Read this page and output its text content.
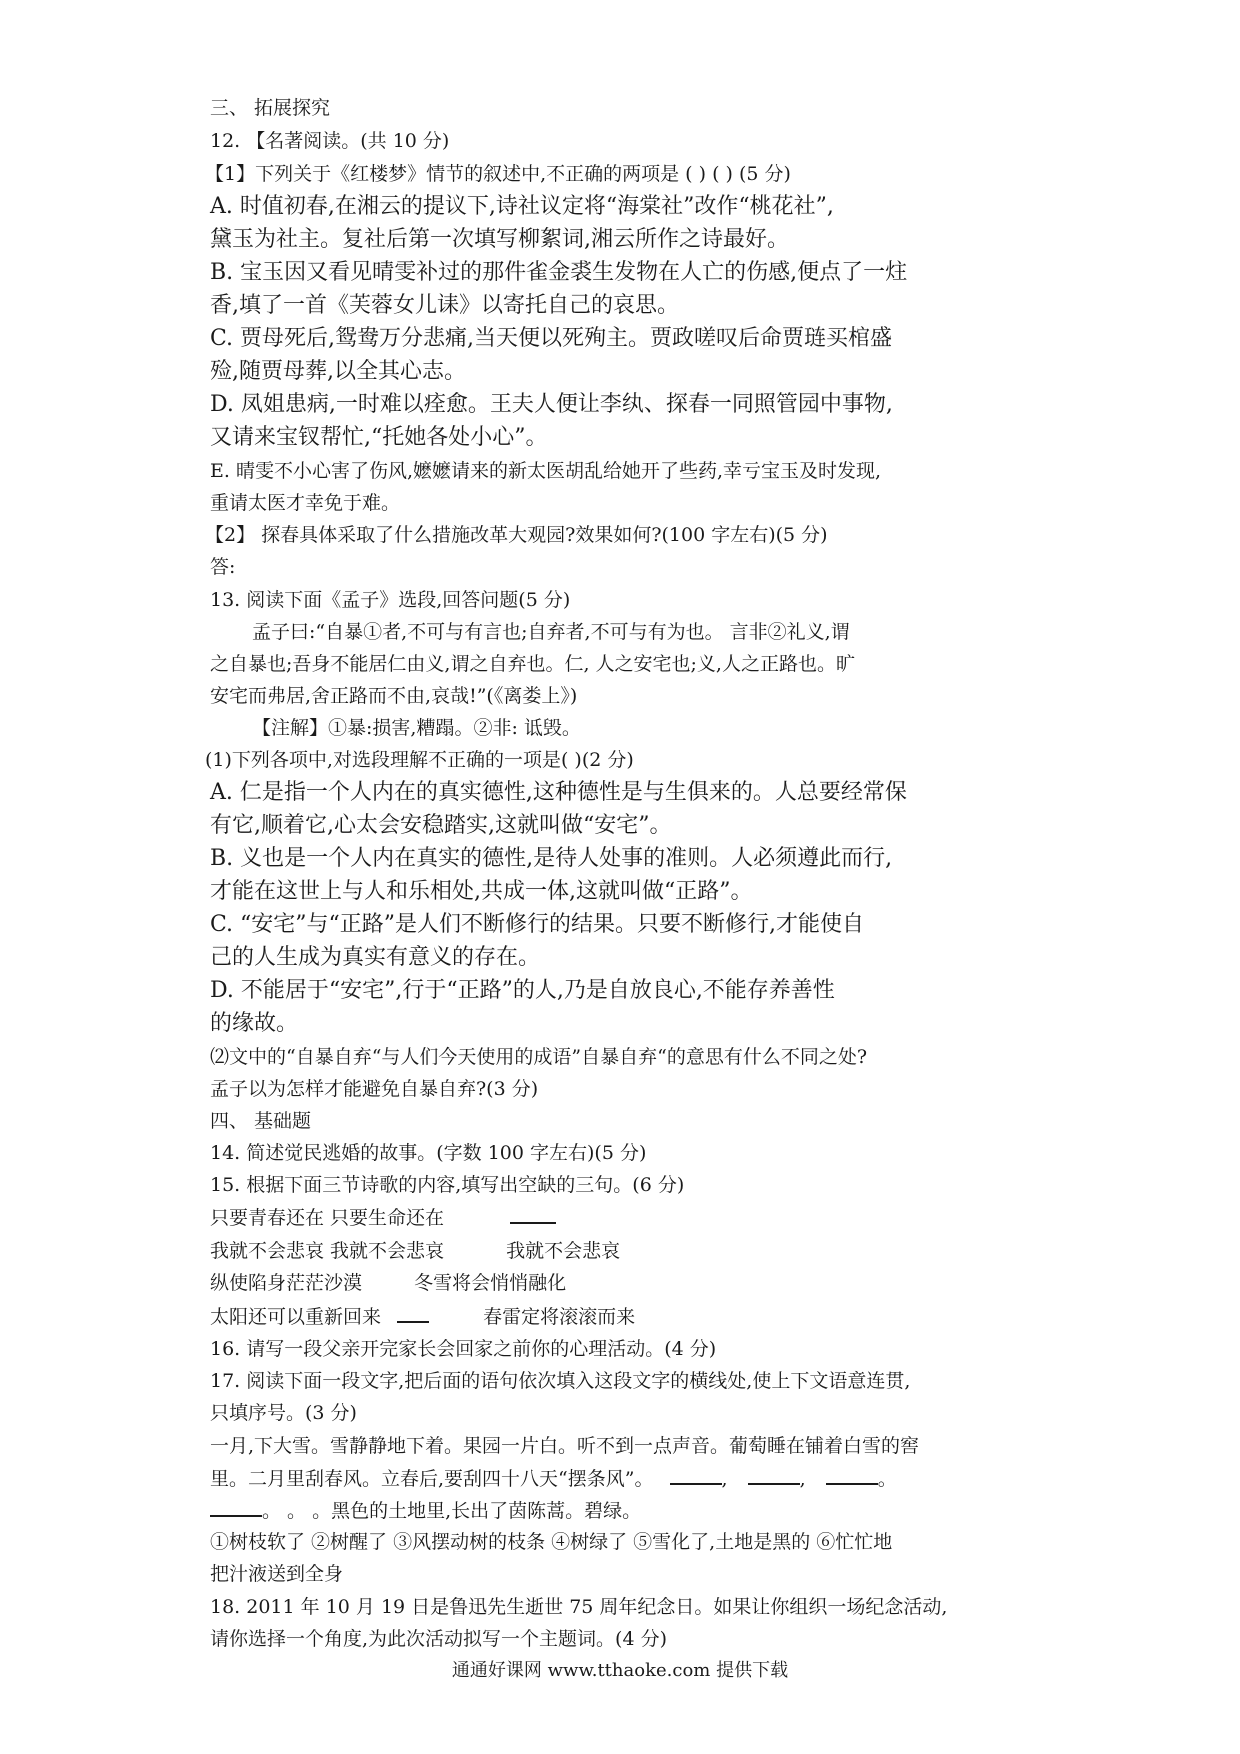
三、 拓展探究
12. 【名著阅读。(共 10 分)
【1】下列关于《红楼梦》情节的叙述中,不正确的两项是 ( ) ( ) (5 分)
A. 时值初春,在湘云的提议下,诗社议定将“海棠社”改作“桃花社”,
黛玉为社主。复社后第一次填写柳絮词,湘云所作之诗最好。
B. 宝玉因又看见晴雯补过的那件雀金裘生发物在人亡的伤感,便点了一炷
香,填了一首《芙蓉女儿诔》以寄托自己的哀思。
C. 贾母死后,鸳鸯万分悲痛,当天便以死殉主。贾政嗟叹后命贾琏买棺盛
殓,随贾母葬,以全其心志。
D. 凤姐患病,一时难以痊愈。王夫人便让李纨、探春一同照管园中事物,
又请来宝钗帮忙,“托她各处小心”。
E. 晴雯不小心害了伤风,嬷嬷请来的新太医胡乱给她开了些药,幸亏宝玉及时发现,
重请太医才幸免于难。
【2】 探春具体采取了什么措施改革大观园?效果如何?(100 字左右)(5 分)
答:
13. 阅读下面《孟子》选段,回答问题(5 分)
孟子曰:“自暴①者,不可与有言也;自弃者,不可与有为也。 言非②礼义,谓
之自暴也;吾身不能居仁由义,谓之自弃也。仁, 人之安宅也;义,人之正路也。旷
安宅而弗居,舍正路而不由,哀哉!”(《离娄上》)
【注解】①暴:损害,糟蹋。②非: 诋毁。
(1)下列各项中,对选段理解不正确的一项是( )(2 分)
A. 仁是指一个人内在的真实德性,这种德性是与生俱来的。人总要经常保
有它,顺着它,心太会安稳踏实,这就叫做“安宅”。
B. 义也是一个人内在真实的德性,是待人处事的准则。人必须遵此而行,
才能在这世上与人和乐相处,共成一体,这就叫做“正路”。
C. “安宅”与“正路”是人们不断修行的结果。只要不断修行,才能使自
己的人生成为真实有意义的存在。
D. 不能居于“安宅”,行于“正路”的人,乃是自放良心,不能存养善性
的缘故。
⑵文中的“自暴自弃“与人们今天使用的成语”自暴自弃“的意思有什么不同之处?
孟子以为怎样才能避免自暴自弃?(3 分)
四、 基础题
14. 简述觉民逃婚的故事。(字数 100 字左右)(5 分)
15. 根据下面三节诗歌的内容,填写出空缺的三句。(6 分)
只要青春还在 只要生命还在
我就不会悲哀 我就不会悲哀	我就不会悲哀
纵使陷身茫茫沙漠	冬雪将会悄悄融化
太阳还可以重新回来	春雷定将滚滚而来
16. 请写一段父亲开完家长会回家之前你的心理活动。(4 分)
17. 阅读下面一段文字,把后面的语句依次填入这段文字的横线处,使上下文语意连贯,
只填序号。(3 分)
一月,下大雪。雪静静地下着。果园一片白。听不到一点声音。葡萄睡在铺着白雪的窖
里。二月里刮春风。立春后,要刮四十八天“摆条风”。	,	,	。
。 。 。黑色的土地里,长出了茵陈蒿。碧绿。
①树枝软了 ②树醒了 ③风摆动树的枝条 ④树绿了 ⑤雪化了,土地是黑的 ⑥忙忙地
把汁液送到全身
18. 2011 年 10 月 19 日是鲁迅先生逝世 75 周年纪念日。如果让你组织一场纪念活动,
请你选择一个角度,为此次活动拟写一个主题词。(4 分)
通通好课网 www.tthaoke.com 提供下载
